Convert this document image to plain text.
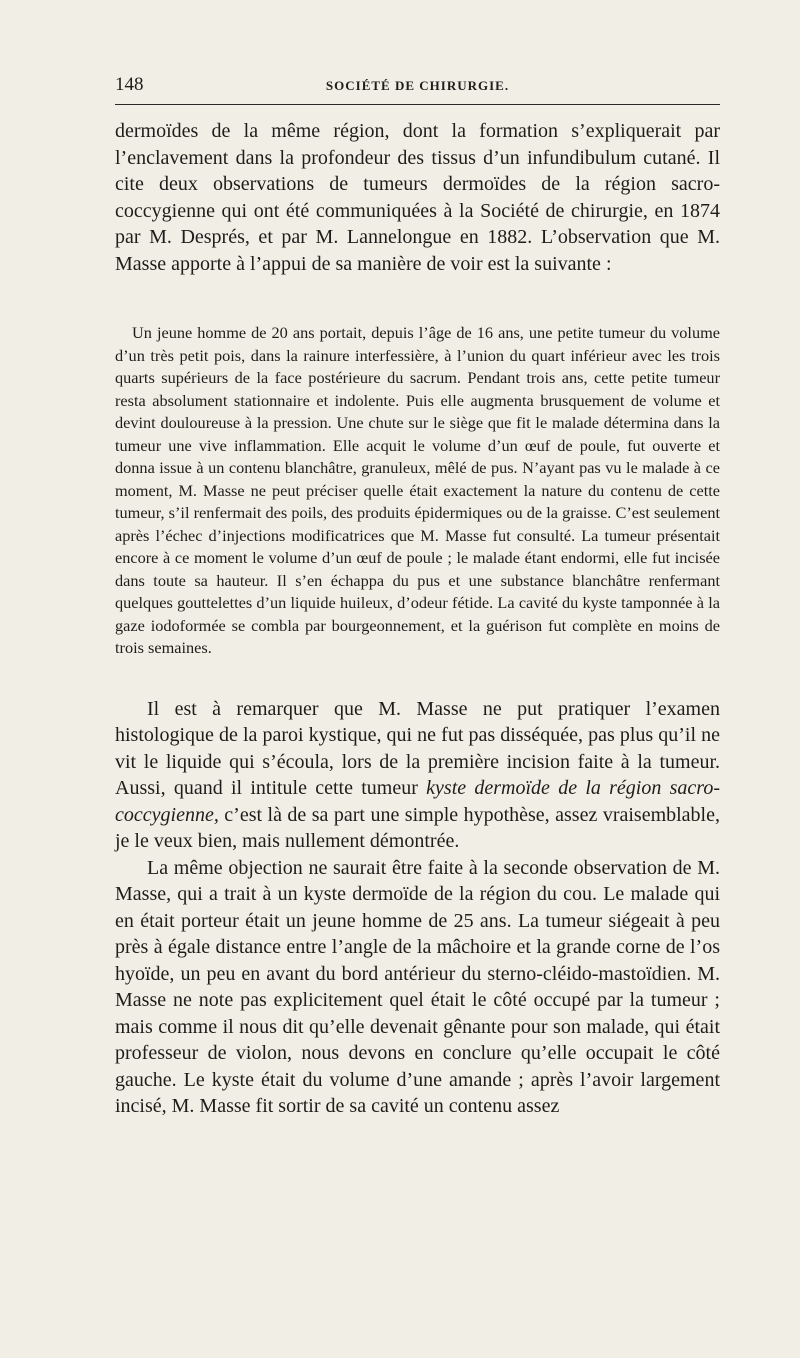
148	SOCIÉTÉ DE CHIRURGIE.

dermoïdes de la même région, dont la formation s’expliquerait par l’enclavement dans la profondeur des tissus d’un infundibulum cutané. Il cite deux observations de tumeurs dermoïdes de la région sacro-coccygienne qui ont été communiquées à la Société de chirurgie, en 1874 par M. Després, et par M. Lannelongue en 1882. L’observation que M. Masse apporte à l’appui de sa manière de voir est la suivante :

Un jeune homme de 20 ans portait, depuis l’âge de 16 ans, une petite tumeur du volume d’un très petit pois, dans la rainure interfessière, à l’union du quart inférieur avec les trois quarts supérieurs de la face postérieure du sacrum. Pendant trois ans, cette petite tumeur resta absolument stationnaire et indolente. Puis elle augmenta brusquement de volume et devint douloureuse à la pression. Une chute sur le siège que fit le malade détermina dans la tumeur une vive inflammation. Elle acquit le volume d’un œuf de poule, fut ouverte et donna issue à un contenu blanchâtre, granuleux, mêlé de pus. N’ayant pas vu le malade à ce moment, M. Masse ne peut préciser quelle était exactement la nature du contenu de cette tumeur, s’il renfermait des poils, des produits épidermiques ou de la graisse. C’est seulement après l’échec d’injections modificatrices que M. Masse fut consulté. La tumeur présentait encore à ce moment le volume d’un œuf de poule ; le malade étant endormi, elle fut incisée dans toute sa hauteur. Il s’en échappa du pus et une substance blanchâtre renfermant quelques gouttelettes d’un liquide huileux, d’odeur fétide. La cavité du kyste tamponnée à la gaze iodoformée se combla par bourgeonnement, et la guérison fut complète en moins de trois semaines.

Il est à remarquer que M. Masse ne put pratiquer l’examen histologique de la paroi kystique, qui ne fut pas disséquée, pas plus qu’il ne vit le liquide qui s’écoula, lors de la première incision faite à la tumeur. Aussi, quand il intitule cette tumeur kyste dermoïde de la région sacro-coccygienne, c’est là de sa part une simple hypothèse, assez vraisemblable, je le veux bien, mais nullement démontrée.

La même objection ne saurait être faite à la seconde observation de M. Masse, qui a trait à un kyste dermoïde de la région du cou. Le malade qui en était porteur était un jeune homme de 25 ans. La tumeur siégeait à peu près à égale distance entre l’angle de la mâchoire et la grande corne de l’os hyoïde, un peu en avant du bord antérieur du sterno-cléido-mastoïdien. M. Masse ne note pas explicitement quel était le côté occupé par la tumeur ; mais comme il nous dit qu’elle devenait gênante pour son malade, qui était professeur de violon, nous devons en conclure qu’elle occupait le côté gauche. Le kyste était du volume d’une amande ; après l’avoir largement incisé, M. Masse fit sortir de sa cavité un contenu assez
